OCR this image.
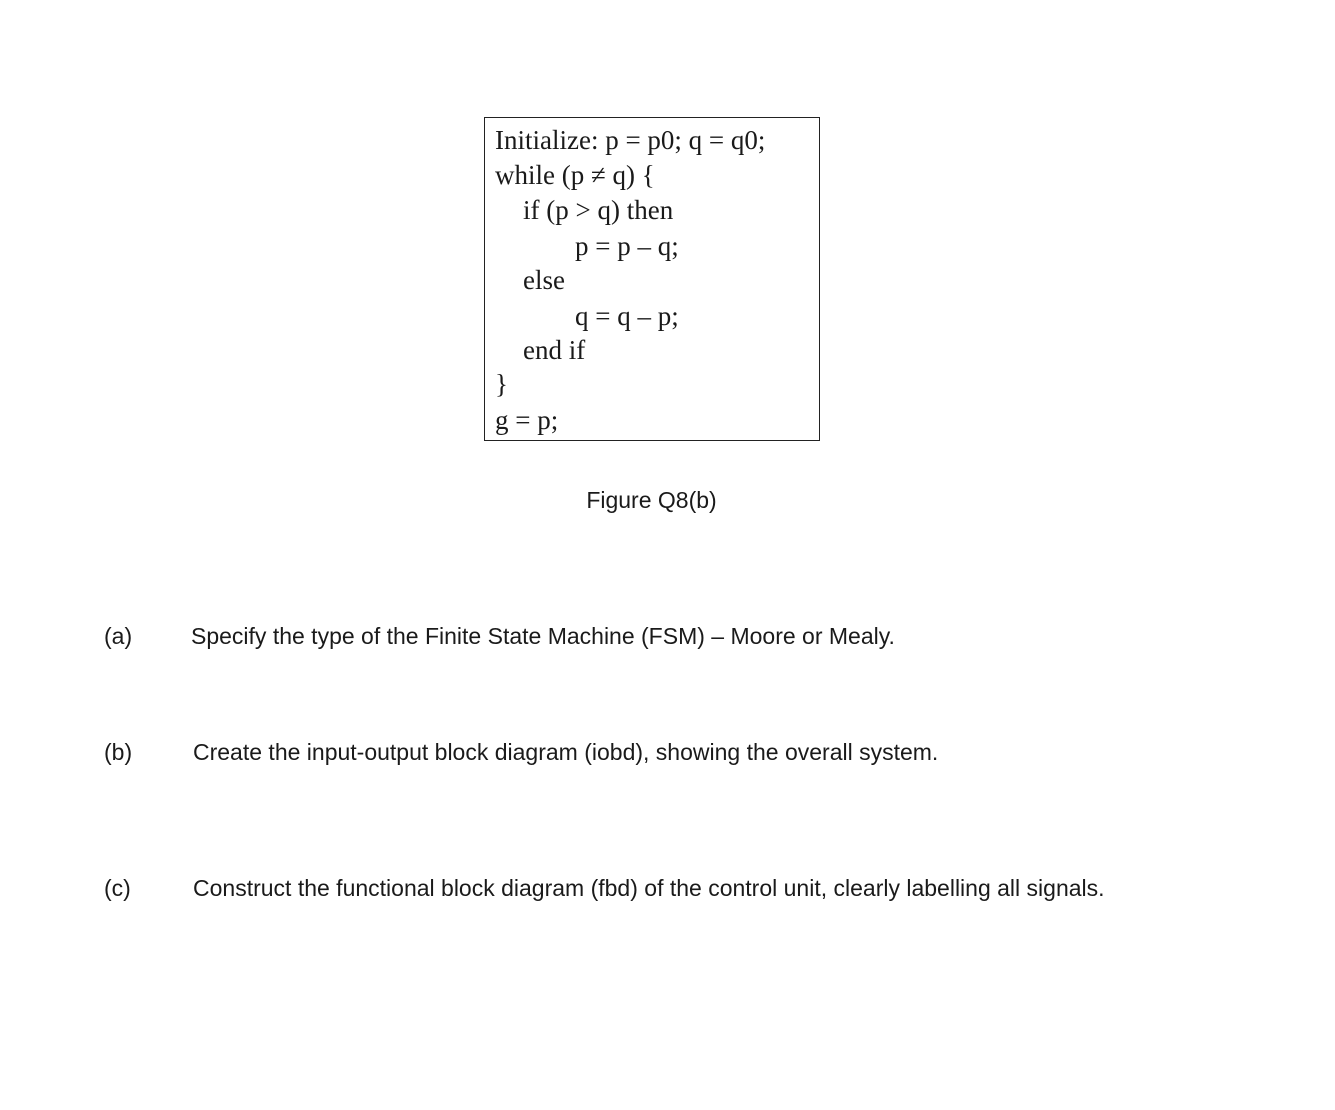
Initialize: p = p0; q = q0;
while (p ≠ q) {
if (p > q) then
p = p – q;
else
q = q – p;
end if
}
g = p;
Figure Q8(b)
(a)	Specify the type of the Finite State Machine (FSM) – Moore or Mealy.
(b)	Create the input-output block diagram (iobd), showing the overall system.
(c)	Construct the functional block diagram (fbd) of the control unit, clearly labelling all signals.
